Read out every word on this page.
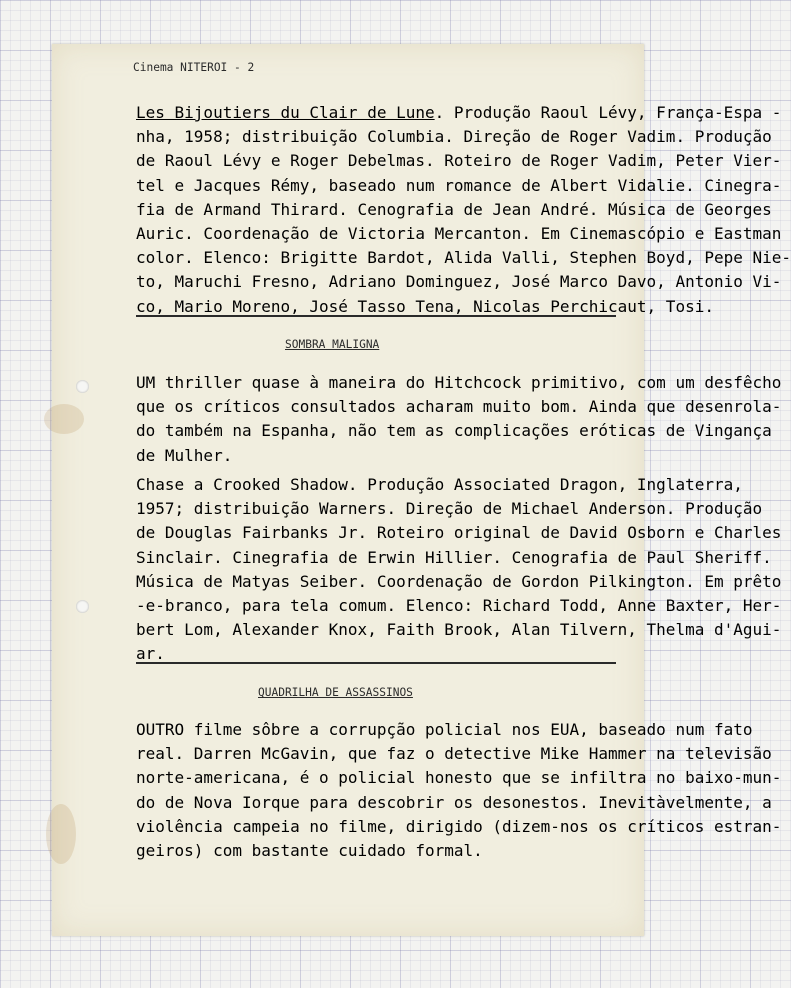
Cinema NITEROI - 2
Les Bijoutiers du Clair de Lune. Produção Raoul Lévy, França-Espa -
nha, 1958; distribuição Columbia. Direção de Roger Vadim. Produção
de Raoul Lévy e Roger Debelmas. Roteiro de Roger Vadim, Peter Vier-
tel e Jacques Rémy, baseado num romance de Albert Vidalie. Cinegra-
fia de Armand Thirard. Cenografia de Jean André. Música de Georges
Auric. Coordenação de Victoria Mercanton. Em Cinemascópio e Eastman
color. Elenco: Brigitte Bardot, Alida Valli, Stephen Boyd, Pepe Nie-
to, Maruchi Fresno, Adriano Dominguez, José Marco Davo, Antonio Vi-
co, Mario Moreno, José Tasso Tena, Nicolas Perchicaut, Tosi.
SOMBRA MALIGNA
UM thriller quase à maneira do Hitchcock primitivo, com um desfêcho
que os críticos consultados acharam muito bom. Ainda que desenrola-
do também na Espanha, não tem as complicações eróticas de Vingança
de Mulher.
Chase a Crooked Shadow. Produção Associated Dragon, Inglaterra,
1957; distribuição Warners. Direção de Michael Anderson. Produção
de Douglas Fairbanks Jr. Roteiro original de David Osborn e Charles
Sinclair. Cinegrafia de Erwin Hillier. Cenografia de Paul Sheriff.
Música de Matyas Seiber. Coordenação de Gordon Pilkington. Em prêto
-e-branco, para tela comum. Elenco: Richard Todd, Anne Baxter, Her-
bert Lom, Alexander Knox, Faith Brook, Alan Tilvern, Thelma d'Agui-
ar.
QUADRILHA DE ASSASSINOS
OUTRO filme sôbre a corrupção policial nos EUA, baseado num fato
real. Darren McGavin, que faz o detective Mike Hammer na televisão
norte-americana, é o policial honesto que se infiltra no baixo-mun-
do de Nova Iorque para descobrir os desonestos. Inevitàvelmente, a
violência campeia no filme, dirigido (dizem-nos os críticos estran-
geiros) com bastante cuidado formal.
